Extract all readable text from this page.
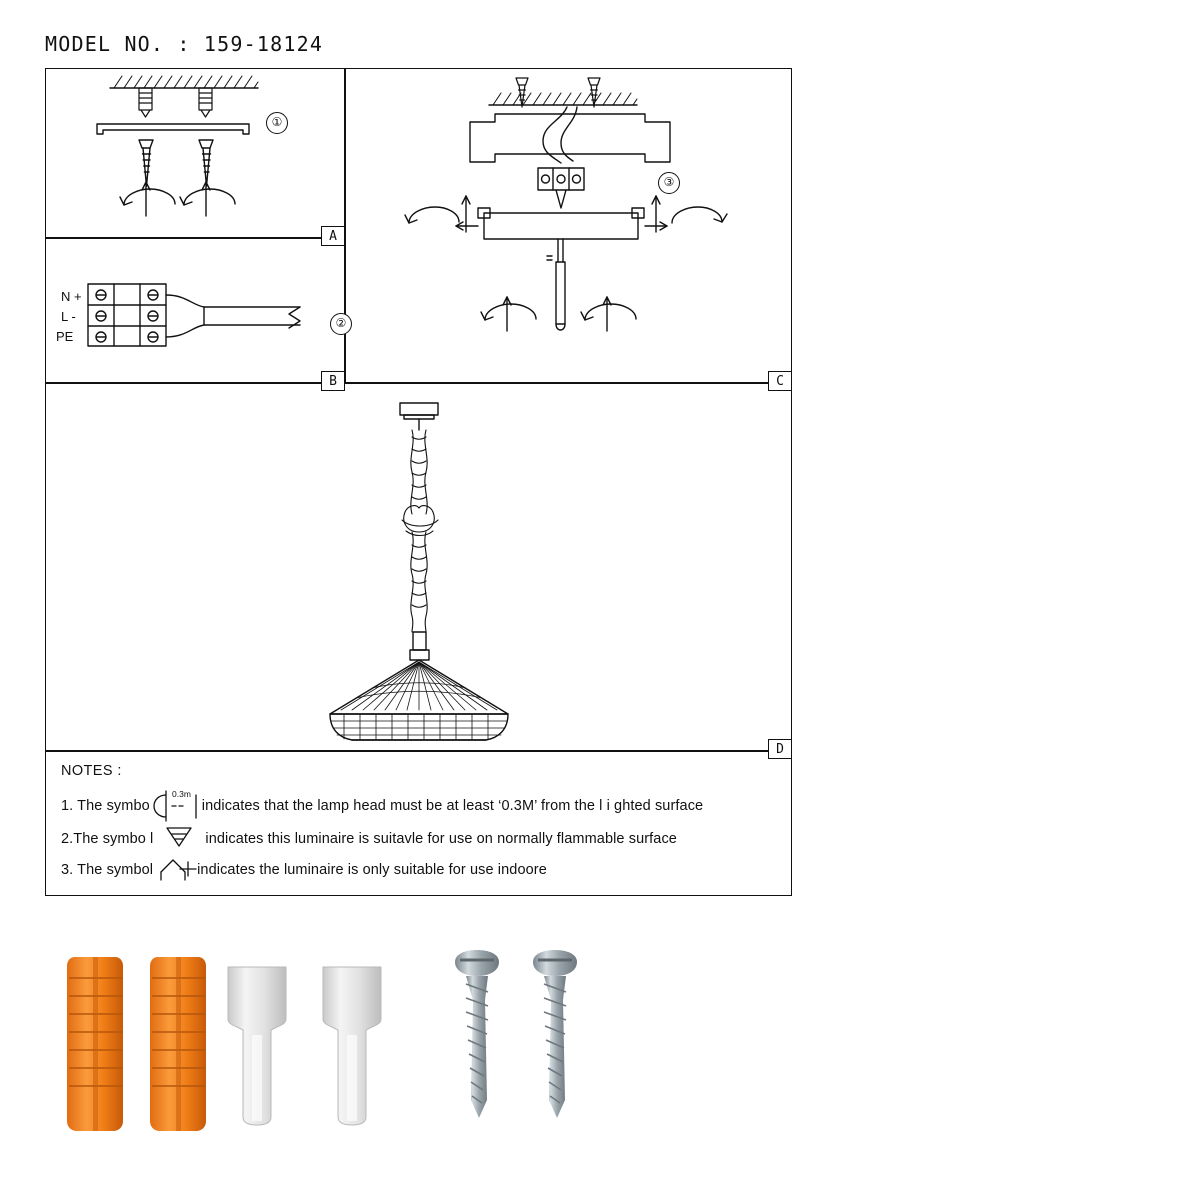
MODEL NO. : 159-18124
A
B	C
D
①
②
③
N +
L -
PE
NOTES :
1. The symbo	indicates that the lamp head must be at least ‘0.3M’ from the l i ghted surface
2.The symbo l	indicates this luminaire is suitavle for use on normally flammable surface
3. The symbol	indicates the luminaire is only suitable for use indoore
0.3m
